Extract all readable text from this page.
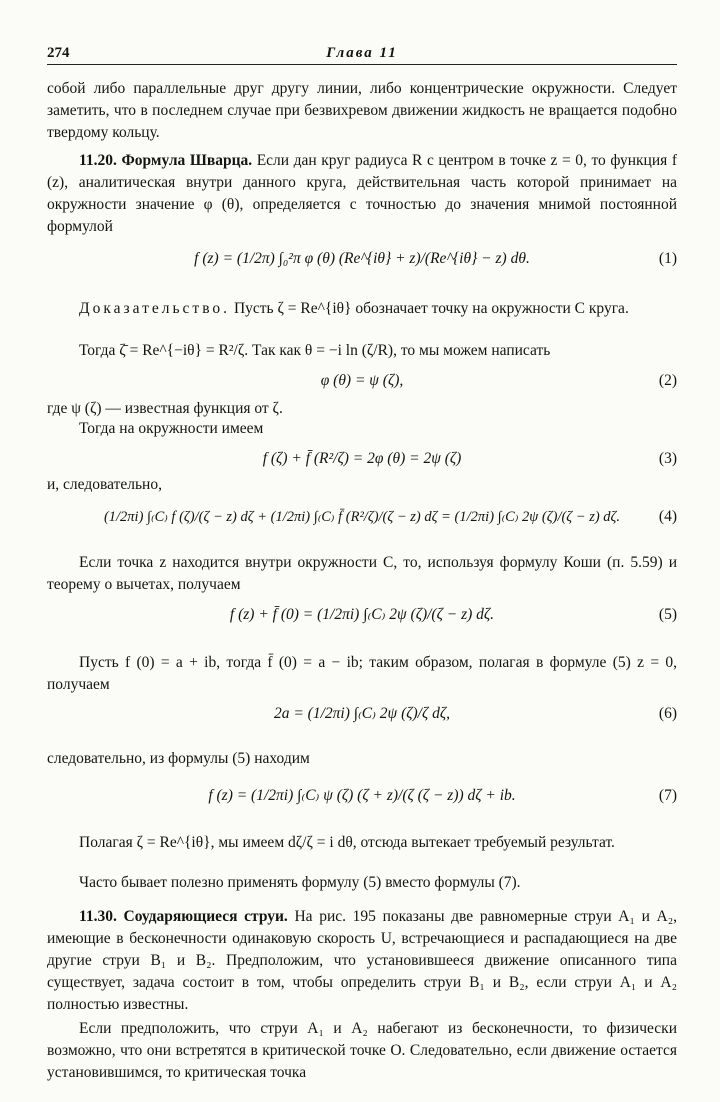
274	Глава 11

собой либо параллельные друг другу линии, либо концентрические окружности. Следует заметить, что в последнем случае при безвихревом движении жидкость не вращается подобно твердому кольцу.

11.20. Формула Шварца. Если дан круг радиуса R с центром в точке z = 0, то функция f (z), аналитическая внутри данного круга, действительная часть которой принимает на окружности значение φ (θ), определяется с точностью до значения мнимой постоянной формулой

f (z) = (1/2π) ∫₀²π φ (θ) (Re^{iθ} + z)/(Re^{iθ} − z) dθ.	(1)

Доказательство. Пусть ζ = Re^{iθ} обозначает точку на окружности C круга.

Тогда ζ̄ = Re^{−iθ} = R²/ζ. Так как θ = −i ln (ζ/R), то мы можем написать

φ (θ) = ψ (ζ),	(2)

где ψ (ζ) — известная функция от ζ.

Тогда на окружности имеем

f (ζ) + f̄ (R²/ζ) = 2φ (θ) = 2ψ (ζ)	(3)

и, следовательно,

(1/2πi) ∫₍C₎ f (ζ)/(ζ − z) dζ + (1/2πi) ∫₍C₎ f̄ (R²/ζ)/(ζ − z) dζ = (1/2πi) ∫₍C₎ 2ψ (ζ)/(ζ − z) dζ.	(4)

Если точка z находится внутри окружности C, то, используя формулу Коши (п. 5.59) и теорему о вычетах, получаем

f (z) + f̄ (0) = (1/2πi) ∫₍C₎ 2ψ (ζ)/(ζ − z) dζ.	(5)

Пусть f (0) = a + ib, тогда f̄ (0) = a − ib; таким образом, полагая в формуле (5) z = 0, получаем

2a = (1/2πi) ∫₍C₎ 2ψ (ζ)/ζ dζ,	(6)

следовательно, из формулы (5) находим

f (z) = (1/2πi) ∫₍C₎ ψ (ζ) (ζ + z)/(ζ (ζ − z)) dζ + ib.	(7)

Полагая ζ = Re^{iθ}, мы имеем dζ/ζ = i dθ, отсюда вытекает требуемый результат.

Часто бывает полезно применять формулу (5) вместо формулы (7).

11.30. Соударяющиеся струи. На рис. 195 показаны две равномерные струи A₁ и A₂, имеющие в бесконечности одинаковую скорость U, встречающиеся и распадающиеся на две другие струи B₁ и B₂. Предположим, что установившееся движение описанного типа существует, задача состоит в том, чтобы определить струи B₁ и B₂, если струи A₁ и A₂ полностью известны.

Если предположить, что струи A₁ и A₂ набегают из бесконечности, то физически возможно, что они встретятся в критической точке O. Следовательно, если движение остается установившимся, то критическая точка
